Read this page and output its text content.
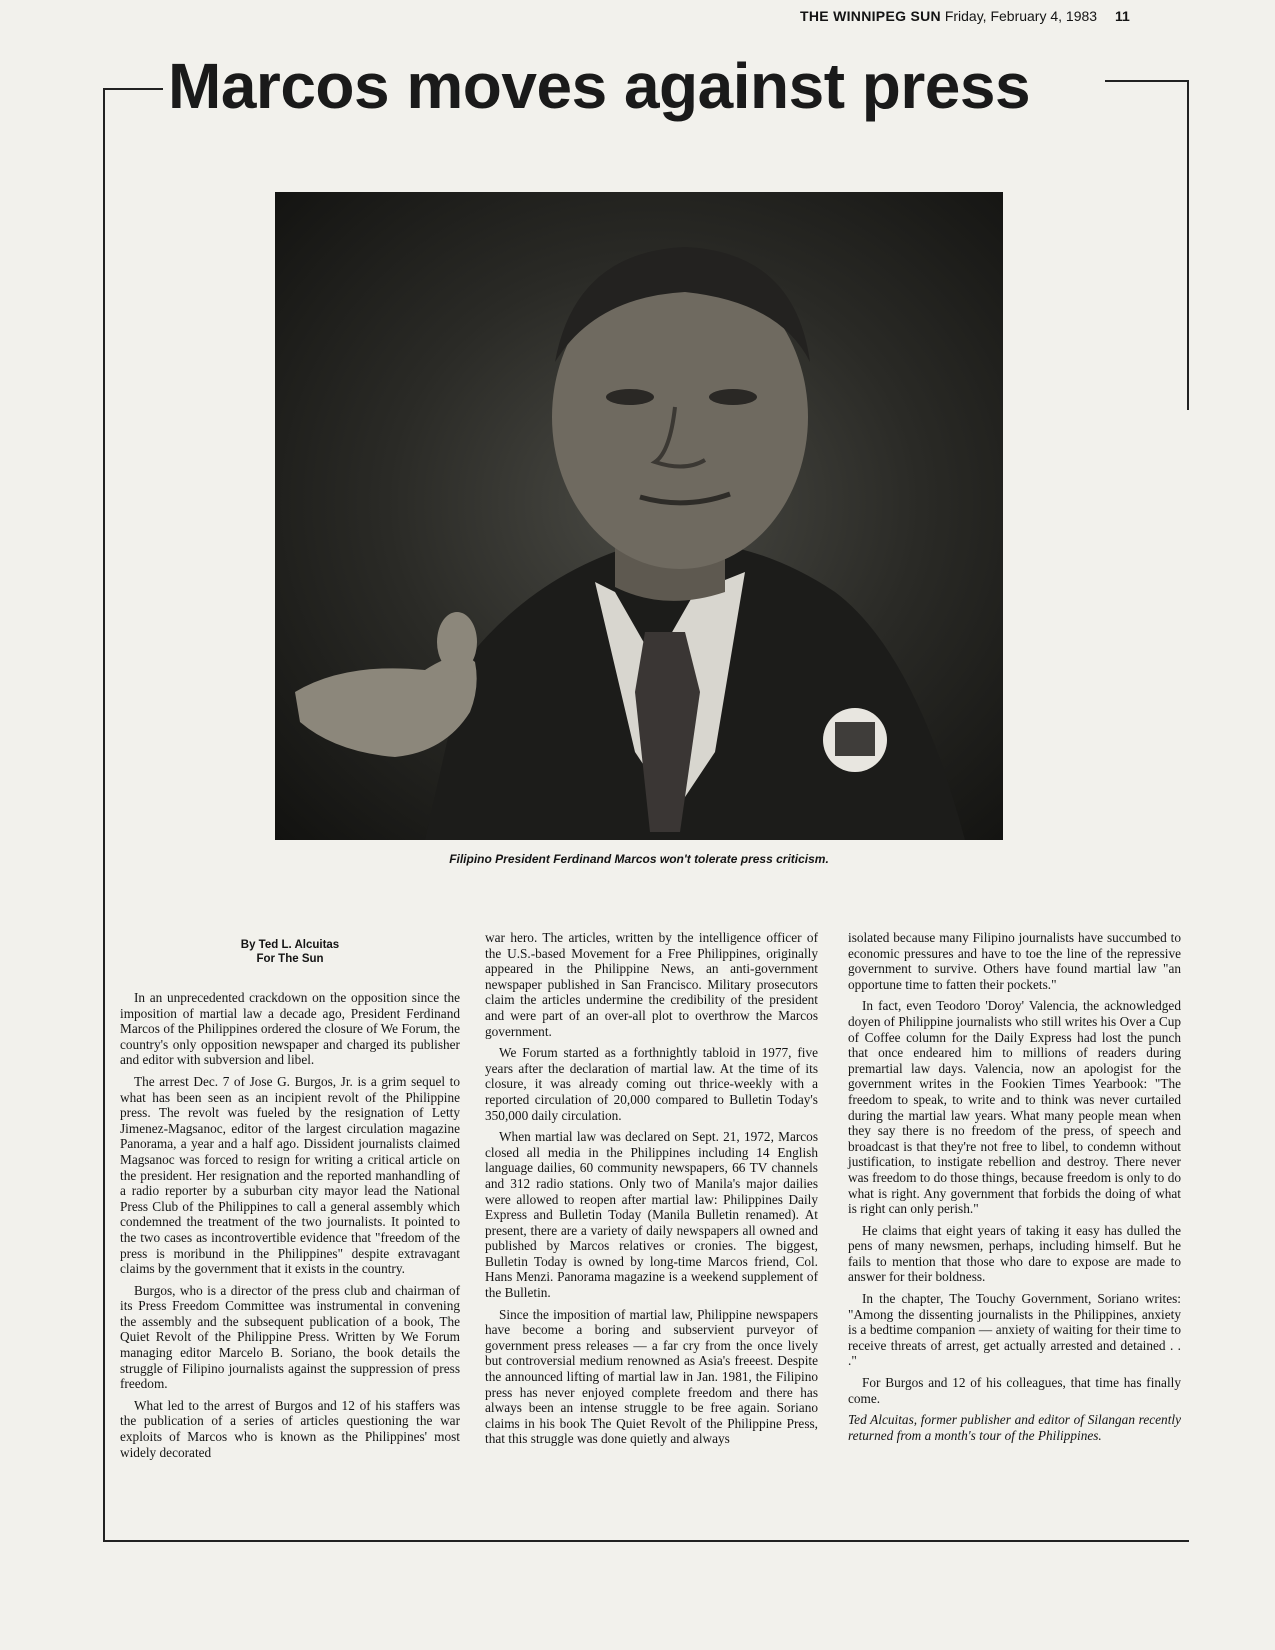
THE WINNIPEG SUN Friday, February 4, 1983 11
Marcos moves against press
Filipino President Ferdinand Marcos won't tolerate press criticism.
By Ted L. Alcuitas
For The Sun

In an unprecedented crackdown on the opposition since the imposition of martial law a decade ago, President Ferdinand Marcos of the Philippines ordered the closure of We Forum, the country's only opposition newspaper and charged its publisher and editor with subversion and libel.

The arrest Dec. 7 of Jose G. Burgos, Jr. is a grim sequel to what has been seen as an incipient revolt of the Philippine press. The revolt was fueled by the resignation of Letty Jimenez-Magsanoc, editor of the largest circulation magazine Panorama, a year and a half ago. Dissident journalists claimed Magsanoc was forced to resign for writing a critical article on the president. Her resignation and the reported manhandling of a radio reporter by a suburban city mayor lead the National Press Club of the Philippines to call a general assembly which condemned the treatment of the two journalists. It pointed to the two cases as incontrovertible evidence that "freedom of the press is moribund in the Philippines" despite extravagant claims by the government that it exists in the country.

Burgos, who is a director of the press club and chairman of its Press Freedom Committee was instrumental in convening the assembly and the subsequent publication of a book, The Quiet Revolt of the Philippine Press. Written by We Forum managing editor Marcelo B. Soriano, the book details the struggle of Filipino journalists against the suppression of press freedom.

What led to the arrest of Burgos and 12 of his staffers was the publication of a series of articles questioning the war exploits of Marcos who is known as the Philippines' most widely decorated

war hero. The articles, written by the intelligence officer of the U.S.-based Movement for a Free Philippines, originally appeared in the Philippine News, an anti-government newspaper published in San Francisco. Military prosecutors claim the articles undermine the credibility of the president and were part of an over-all plot to overthrow the Marcos government.

We Forum started as a forthnightly tabloid in 1977, five years after the declaration of martial law. At the time of its closure, it was already coming out thrice-weekly with a reported circulation of 20,000 compared to Bulletin Today's 350,000 daily circulation.

When martial law was declared on Sept. 21, 1972, Marcos closed all media in the Philippines including 14 English language dailies, 60 community newspapers, 66 TV channels and 312 radio stations. Only two of Manila's major dailies were allowed to reopen after martial law: Philippines Daily Express and Bulletin Today (Manila Bulletin renamed). At present, there are a variety of daily newspapers all owned and published by Marcos relatives or cronies. The biggest, Bulletin Today is owned by long-time Marcos friend, Col. Hans Menzi. Panorama magazine is a weekend supplement of the Bulletin.

Since the imposition of martial law, Philippine newspapers have become a boring and subservient purveyor of government press releases — a far cry from the once lively but controversial medium renowned as Asia's freeest. Despite the announced lifting of martial law in Jan. 1981, the Filipino press has never enjoyed complete freedom and there has always been an intense struggle to be free again. Soriano claims in his book The Quiet Revolt of the Philippine Press, that this struggle was done quietly and always

isolated because many Filipino journalists have succumbed to economic pressures and have to toe the line of the repressive government to survive. Others have found martial law "an opportune time to fatten their pockets."

In fact, even Teodoro 'Doroy' Valencia, the acknowledged doyen of Philippine journalists who still writes his Over a Cup of Coffee column for the Daily Express had lost the punch that once endeared him to millions of readers during premartial law days. Valencia, now an apologist for the government writes in the Fookien Times Yearbook: "The freedom to speak, to write and to think was never curtailed during the martial law years. What many people mean when they say there is no freedom of the press, of speech and broadcast is that they're not free to libel, to condemn without justification, to instigate rebellion and destroy. There never was freedom to do those things, because freedom is only to do what is right. Any government that forbids the doing of what is right can only perish."

He claims that eight years of taking it easy has dulled the pens of many newsmen, perhaps, including himself. But he fails to mention that those who dare to expose are made to answer for their boldness.

In the chapter, The Touchy Government, Soriano writes: "Among the dissenting journalists in the Philippines, anxiety is a bedtime companion — anxiety of waiting for their time to receive threats of arrest, get actually arrested and detained . . ."

For Burgos and 12 of his colleagues, that time has finally come.

Ted Alcuitas, former publisher and editor of Silangan recently returned from a month's tour of the Philippines.
